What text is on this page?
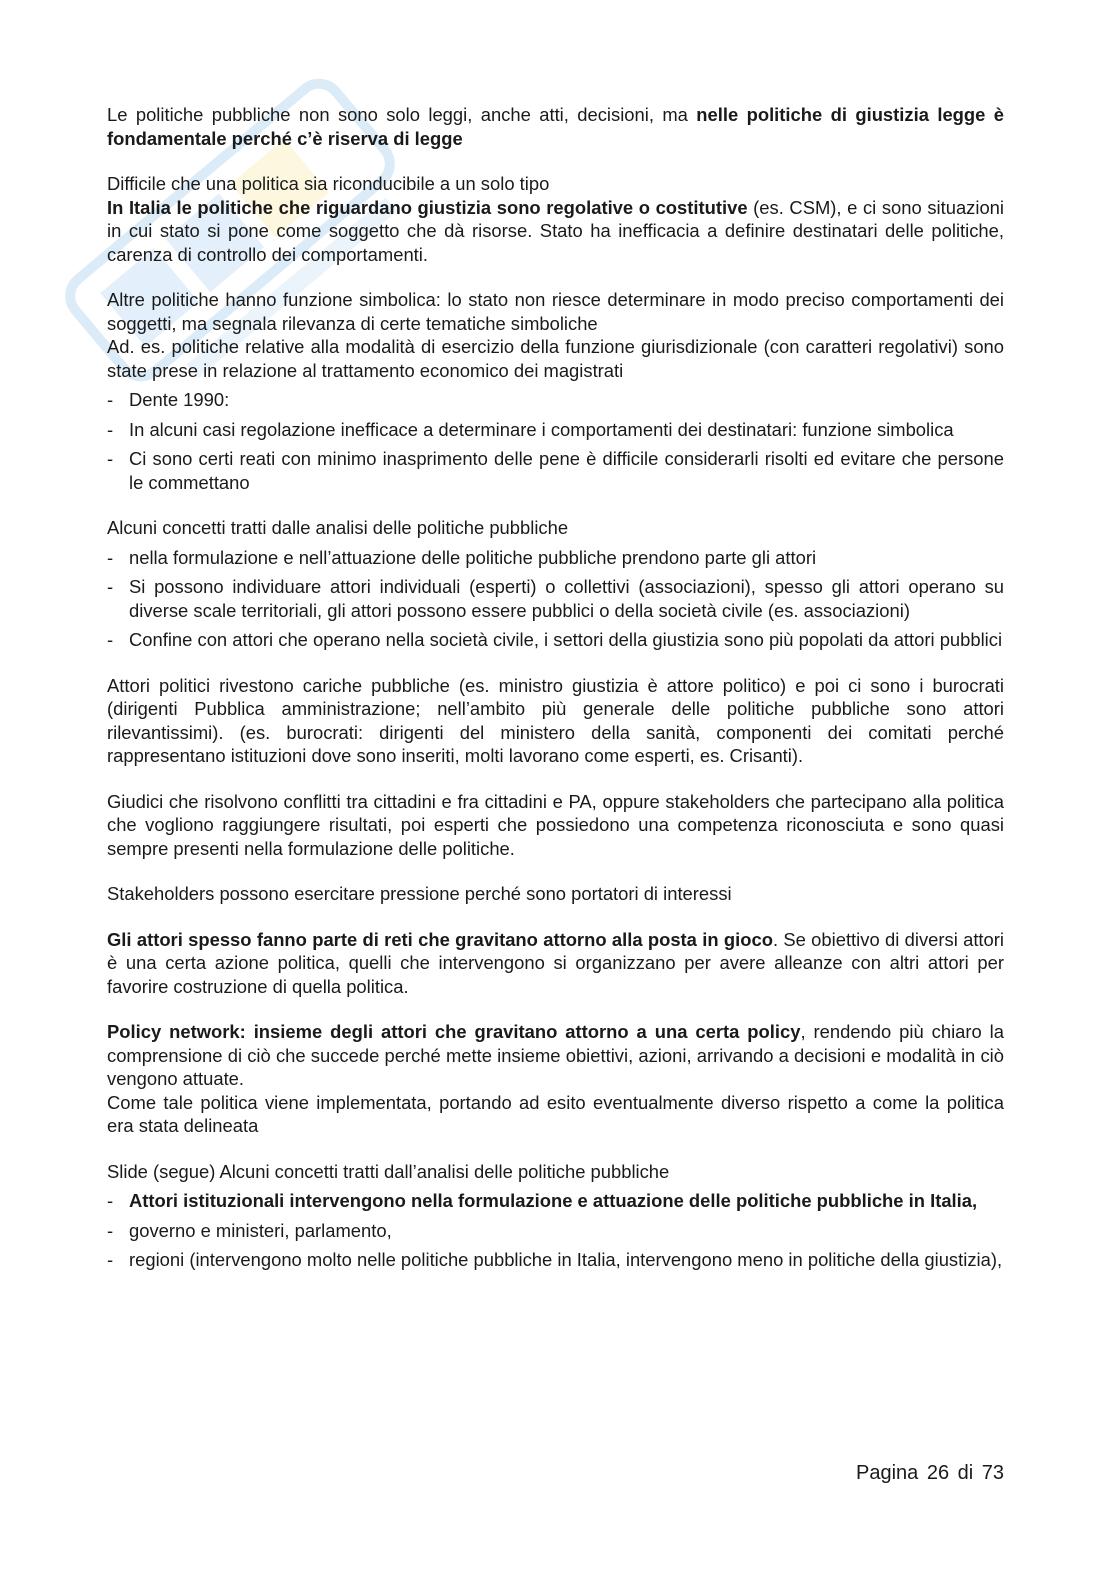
Le politiche pubbliche non sono solo leggi, anche atti, decisioni, ma nelle politiche di giustizia legge è fondamentale perché c’è riserva di legge

Difficile che una politica sia riconducibile a un solo tipo

In Italia le politiche che riguardano giustizia sono regolative o costitutive (es. CSM), e ci sono situazioni in cui stato si pone come soggetto che dà risorse. Stato ha inefficacia a definire destinatari delle politiche, carenza di controllo dei comportamenti.

Altre politiche hanno funzione simbolica: lo stato non riesce determinare in modo preciso comportamenti dei soggetti, ma segnala rilevanza di certe tematiche simboliche

Ad. es. politiche relative alla modalità di esercizio della funzione giurisdizionale (con caratteri regolativi) sono state prese in relazione al trattamento economico dei magistrati

- Dente 1990:
- In alcuni casi regolazione inefficace a determinare i comportamenti dei destinatari: funzione simbolica
- Ci sono certi reati con minimo inasprimento delle pene è difficile considerarli risolti ed evitare che persone le commettano

Alcuni concetti tratti dalle analisi delle politiche pubbliche

- nella formulazione e nell’attuazione delle politiche pubbliche prendono parte gli attori
- Si possono individuare attori individuali (esperti) o collettivi (associazioni), spesso gli attori operano su diverse scale territoriali, gli attori possono essere pubblici o della società civile (es. associazioni)
- Confine con attori che operano nella società civile, i settori della giustizia sono più popolati da attori pubblici

Attori politici rivestono cariche pubbliche (es. ministro giustizia è attore politico) e poi ci sono i burocrati (dirigenti Pubblica amministrazione; nell’ambito più generale delle politiche pubbliche sono attori rilevantissimi). (es. burocrati: dirigenti del ministero della sanità, componenti dei comitati perché rappresentano istituzioni dove sono inseriti, molti lavorano come esperti, es. Crisanti).

Giudici che risolvono conflitti tra cittadini e fra cittadini e PA, oppure stakeholders che partecipano alla politica che vogliono raggiungere risultati, poi esperti che possiedono una competenza riconosciuta e sono quasi sempre presenti nella formulazione delle politiche.

Stakeholders possono esercitare pressione perché sono portatori di interessi

Gli attori spesso fanno parte di reti che gravitano attorno alla posta in gioco. Se obiettivo di diversi attori è una certa azione politica, quelli che intervengono si organizzano per avere alleanze con altri attori per favorire costruzione di quella politica.

Policy network: insieme degli attori che gravitano attorno a una certa policy, rendendo più chiaro la comprensione di ciò che succede perché mette insieme obiettivi, azioni, arrivando a decisioni e modalità in ciò vengono attuate.

Come tale politica viene implementata, portando ad esito eventualmente diverso rispetto a come la politica era stata delineata

Slide (segue) Alcuni concetti tratti dall’analisi delle politiche pubbliche

- Attori istituzionali intervengono nella formulazione e attuazione delle politiche pubbliche in Italia,
- governo e ministeri, parlamento,
- regioni (intervengono molto nelle politiche pubbliche in Italia, intervengono meno in politiche della giustizia),
Pagina 26 di 73
